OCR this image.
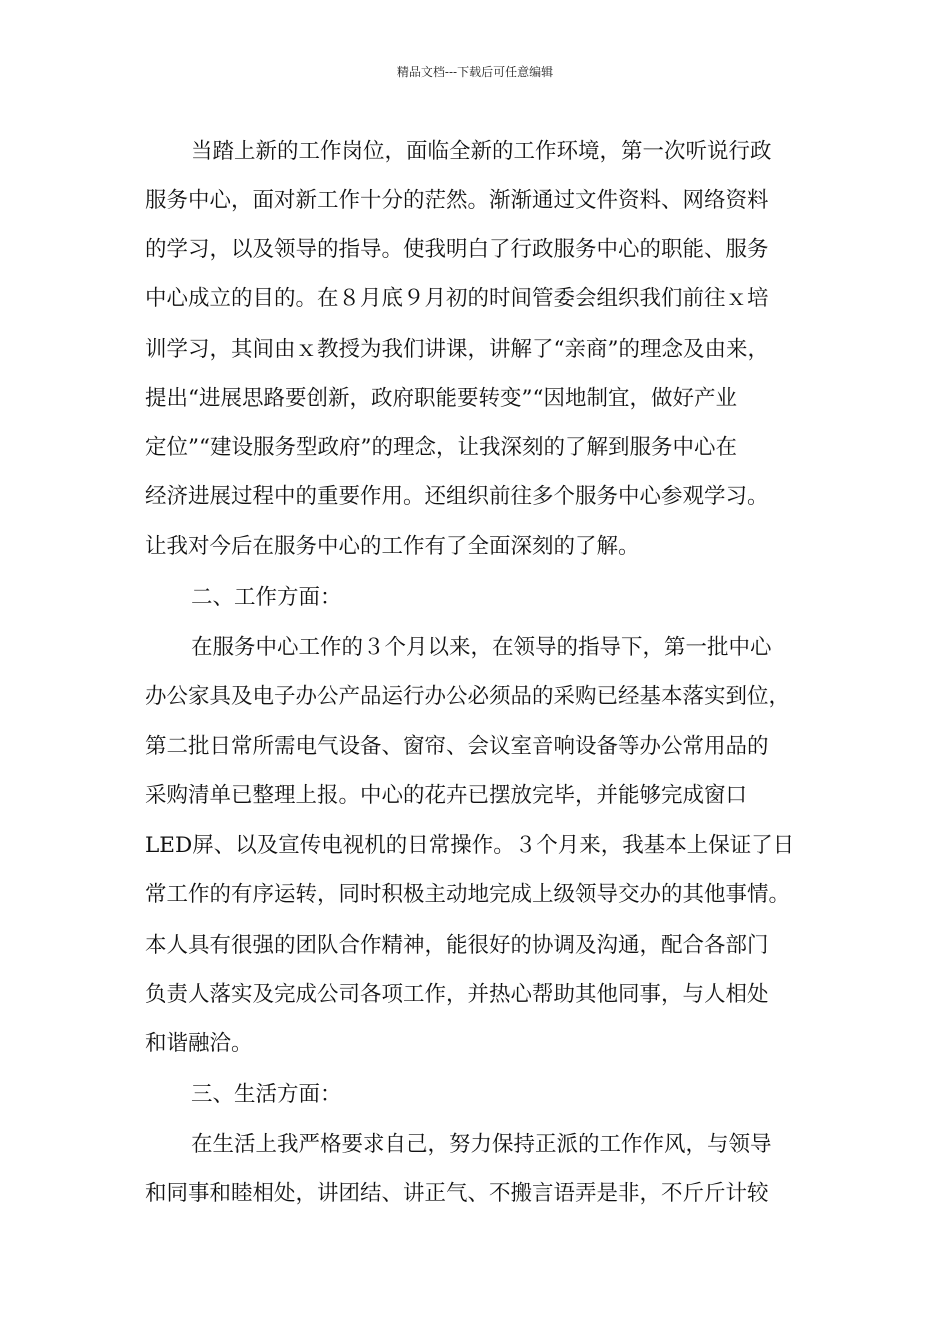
精品文档---下载后可任意编辑
当踏上新的工作岗位，面临全新的工作环境，第一次听说行政
服务中心，面对新工作十分的茫然。渐渐通过文件资料、网络资料
的学习，以及领导的指导。使我明白了行政服务中心的职能、服务
中心成立的目的。在８月底９月初的时间管委会组织我们前往ｘ培
训学习，其间由ｘ教授为我们讲课，讲解了“亲商”的理念及由来，
提出“进展思路要创新，政府职能要转变”“因地制宜，做好产业
定位”“建设服务型政府”的理念，让我深刻的了解到服务中心在
经济进展过程中的重要作用。还组织前往多个服务中心参观学习。
让我对今后在服务中心的工作有了全面深刻的了解。
二、工作方面：
在服务中心工作的３个月以来，在领导的指导下，第一批中心
办公家具及电子办公产品运行办公必须品的采购已经基本落实到位，
第二批日常所需电气设备、窗帘、会议室音响设备等办公常用品的
采购清单已整理上报。中心的花卉已摆放完毕，并能够完成窗口
LED屏、以及宣传电视机的日常操作。３个月来，我基本上保证了日
常工作的有序运转，同时积极主动地完成上级领导交办的其他事情。
本人具有很强的团队合作精神，能很好的协调及沟通，配合各部门
负责人落实及完成公司各项工作，并热心帮助其他同事，与人相处
和谐融洽。
三、生活方面：
在生活上我严格要求自己，努力保持正派的工作作风，与领导
和同事和睦相处，讲团结、讲正气、不搬言语弄是非，不斤斤计较
